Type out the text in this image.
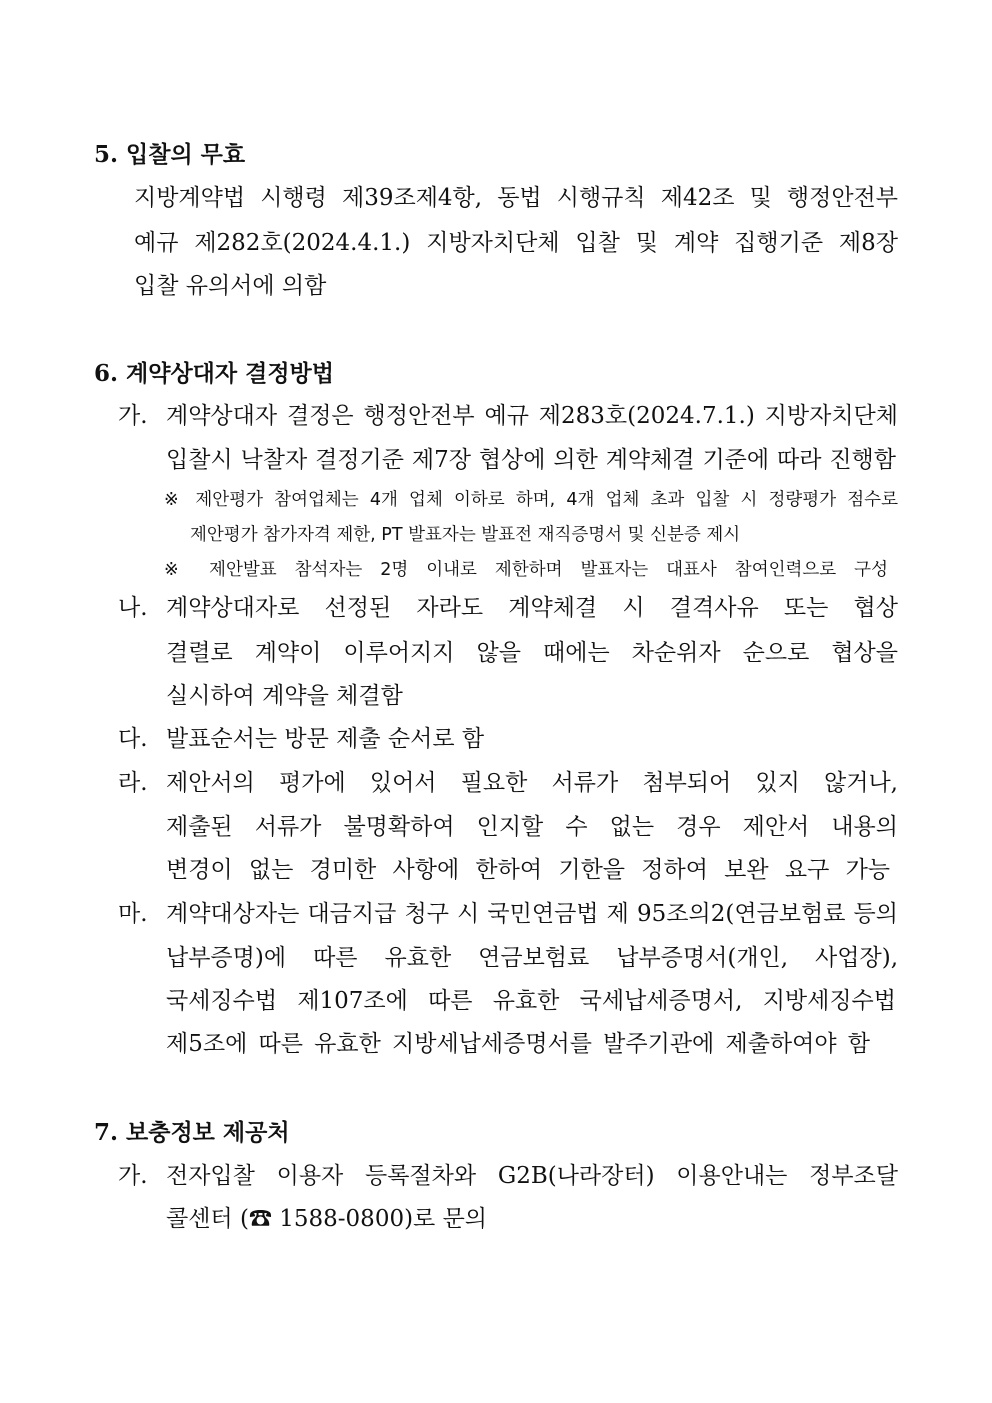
5. 입찰의 무효
지방계약법 시행령 제39조제4항, 동법 시행규칙 제42조 및 행정안전부
예규 제282호(2024.4.1.) 지방자치단체 입찰 및 계약 집행기준 제8장
입찰 유의서에 의함
6. 계약상대자 결정방법
가. 계약상대자 결정은 행정안전부 예규 제283호(2024.7.1.) 지방자치단체
입찰시 낙찰자 결정기준 제7장 협상에 의한 계약체결 기준에 따라 진행함
※ 제안평가 참여업체는 4개 업체 이하로 하며, 4개 업체 초과 입찰 시 정량평가 점수로
제안평가 참가자격 제한, PT 발표자는 발표전 재직증명서 및 신분증 제시
※ 제안발표 참석자는 2명 이내로 제한하며 발표자는 대표사 참여인력으로 구성
나. 계약상대자로 선정된 자라도 계약체결 시 결격사유 또는 협상
결렬로 계약이 이루어지지 않을 때에는 차순위자 순으로 협상을
실시하여 계약을 체결함
다. 발표순서는 방문 제출 순서로 함
라. 제안서의 평가에 있어서 필요한 서류가 첨부되어 있지 않거나,
제출된 서류가 불명확하여 인지할 수 없는 경우 제안서 내용의
변경이 없는 경미한 사항에 한하여 기한을 정하여 보완 요구 가능
마. 계약대상자는 대금지급 청구 시 국민연금법 제 95조의2(연금보험료 등의
납부증명)에 따른 유효한 연금보험료 납부증명서(개인, 사업장),
국세징수법 제107조에 따른 유효한 국세납세증명서, 지방세징수법
제5조에 따른 유효한 지방세납세증명서를 발주기관에 제출하여야 함
7. 보충정보 제공처
가. 전자입찰 이용자 등록절차와 G2B(나라장터) 이용안내는 정부조달
콜센터 (☎ 1588-0800)로 문의
